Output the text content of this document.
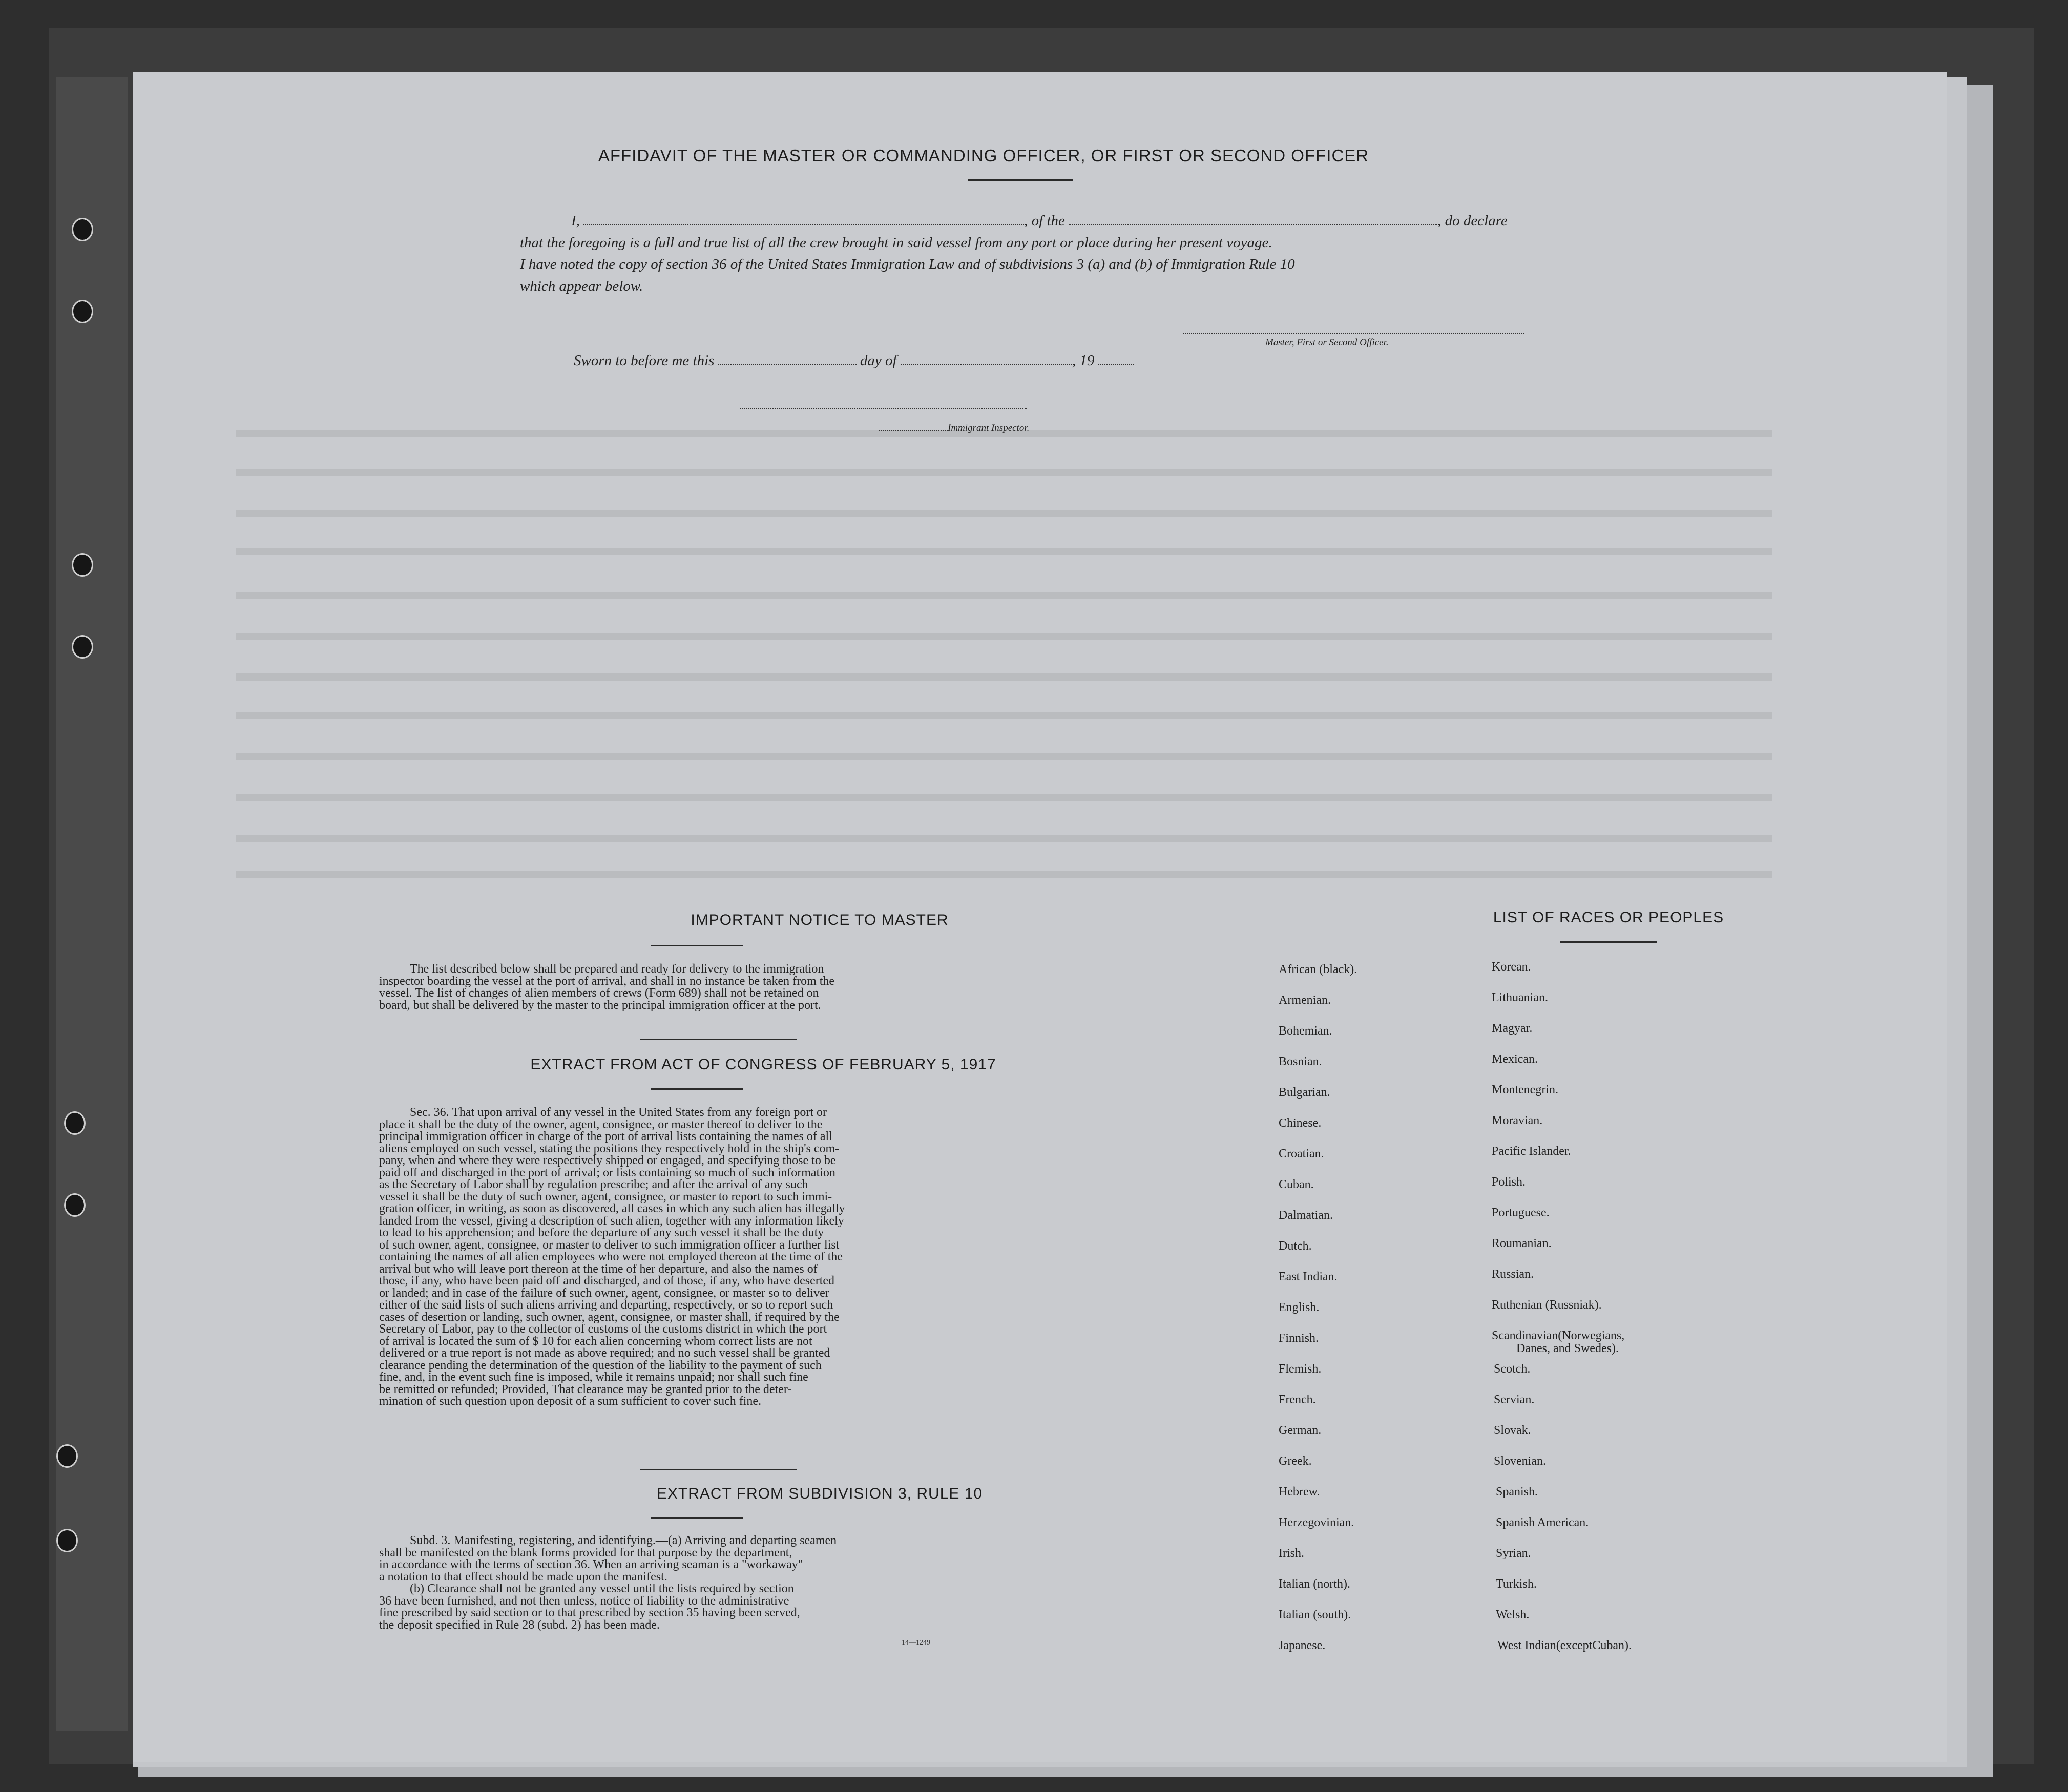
AFFIDAVIT OF THE MASTER OR COMMANDING OFFICER, OR FIRST OR SECOND OFFICER
I,	, of the	, do declare
that the foregoing is a full and true list of all the crew brought in said vessel from any port or place during her present voyage.
I have noted the copy of section 36 of the United States Immigration Law and of subdivisions 3 (a) and (b) of Immigration Rule 10
which appear below.
Master, First or Second Officer.
Sworn to before me this	day of	, 19
Immigrant Inspector.
IMPORTANT NOTICE TO MASTER
The list described below shall be prepared and ready for delivery to the immigration
inspector boarding the vessel at the port of arrival, and shall in no instance be taken from the
vessel. The list of changes of alien members of crews (Form 689) shall not be retained on
board, but shall be delivered by the master to the principal immigration officer at the port.
EXTRACT FROM ACT OF CONGRESS OF FEBRUARY 5, 1917
Sec. 36. That upon arrival of any vessel in the United States from any foreign port or
place it shall be the duty of the owner, agent, consignee, or master thereof to deliver to the
principal immigration officer in charge of the port of arrival lists containing the names of all
aliens employed on such vessel, stating the positions they respectively hold in the ship's com-
pany, when and where they were respectively shipped or engaged, and specifying those to be
paid off and discharged in the port of arrival; or lists containing so much of such information
as the Secretary of Labor shall by regulation prescribe; and after the arrival of any such
vessel it shall be the duty of such owner, agent, consignee, or master to report to such immi-
gration officer, in writing, as soon as discovered, all cases in which any such alien has illegally
landed from the vessel, giving a description of such alien, together with any information likely
to lead to his apprehension; and before the departure of any such vessel it shall be the duty
of such owner, agent, consignee, or master to deliver to such immigration officer a further list
containing the names of all alien employees who were not employed thereon at the time of the
arrival but who will leave port thereon at the time of her departure, and also the names of
those, if any, who have been paid off and discharged, and of those, if any, who have deserted
or landed; and in case of the failure of such owner, agent, consignee, or master so to deliver
either of the said lists of such aliens arriving and departing, respectively, or so to report such
cases of desertion or landing, such owner, agent, consignee, or master shall, if required by the
Secretary of Labor, pay to the collector of customs of the customs district in which the port
of arrival is located the sum of $ 10 for each alien concerning whom correct lists are not
delivered or a true report is not made as above required; and no such vessel shall be granted
clearance pending the determination of the question of the liability to the payment of such
fine, and, in the event such fine is imposed, while it remains unpaid; nor shall such fine
be remitted or refunded; Provided, That clearance may be granted prior to the deter-
mination of such question upon deposit of a sum sufficient to cover such fine.
EXTRACT FROM SUBDIVISION 3, RULE 10
Subd. 3. Manifesting, registering, and identifying.—(a) Arriving and departing seamen
shall be manifested on the blank forms provided for that purpose by the department,
in accordance with the terms of section 36. When an arriving seaman is a "workaway"
a notation to that effect should be made upon the manifest.
(b) Clearance shall not be granted any vessel until the lists required by section
36 have been furnished, and not then unless, notice of liability to the administrative
fine prescribed by said section or to that prescribed by section 35 having been served,
the deposit specified in Rule 28 (subd. 2) has been made.
14—1249
LIST OF RACES OR PEOPLES
African (black).
Armenian.
Bohemian.
Bosnian.
Bulgarian.
Chinese.
Croatian.
Cuban.
Dalmatian.
Dutch.
East Indian.
English.
Finnish.
Flemish.
French.
German.
Greek.
Hebrew.
Herzegovinian.
Irish.
Italian (north).
Italian (south).
Japanese.
Korean.
Lithuanian.
Magyar.
Mexican.
Montenegrin.
Moravian.
Pacific Islander.
Polish.
Portuguese.
Roumanian.
Russian.
Ruthenian (Russniak).
Scandinavian(Norwegians,
Danes, and Swedes).
Scotch.
Servian.
Slovak.
Slovenian.
Spanish.
Spanish American.
Syrian.
Turkish.
Welsh.
West Indian(exceptCuban).
